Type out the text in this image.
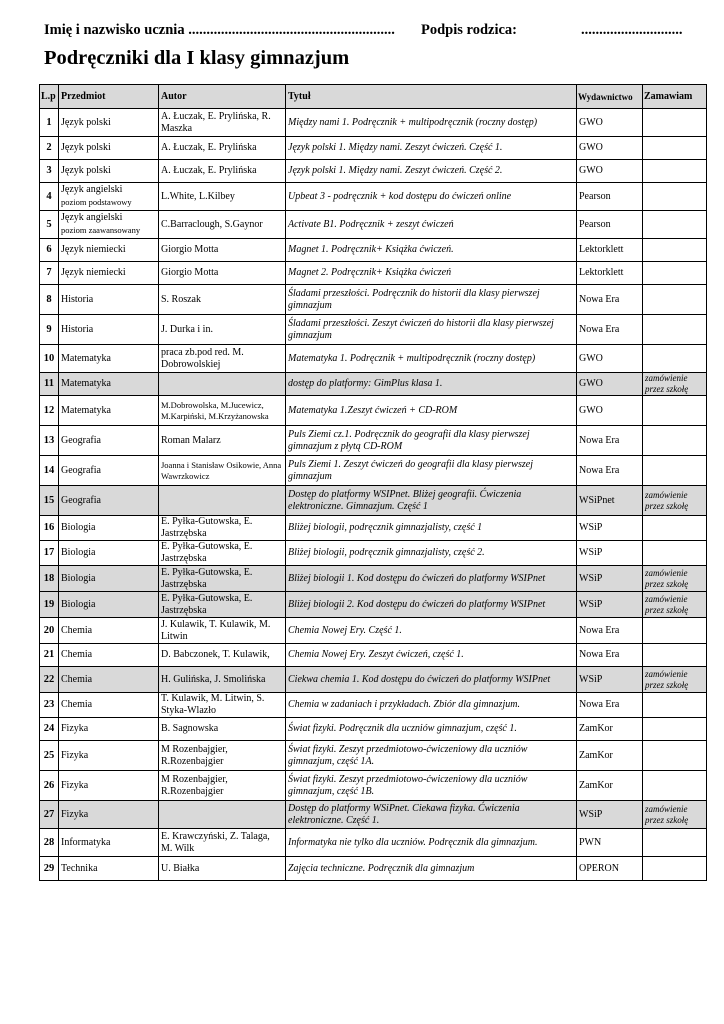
Imię i nazwisko ucznia ......................................................... Podpis rodzica:	............................
Podręczniki dla I klasy gimnazjum
L.p	Przedmiot	Autor	Tytuł	Wydawnictwo	Zamawiam
1	Język polski	A. Łuczak, E. Prylińska, R. Maszka	Między nami 1. Podręcznik + multipodręcznik (roczny dostęp)	GWO	
2	Język polski	A. Łuczak, E. Prylińska	Język polski 1. Między nami. Zeszyt ćwiczeń. Część 1.	GWO	
3	Język polski	A. Łuczak, E. Prylińska	Język polski 1. Między nami. Zeszyt ćwiczeń. Część 2.	GWO	
4	Język angielski
poziom podstawowy	L.White, L.Kilbey	Upbeat 3 - podręcznik + kod dostępu do ćwiczeń online	Pearson	
5	Język angielski
poziom zaawansowany	C.Barraclough, S.Gaynor	Activate B1. Podręcznik + zeszyt ćwiczeń	Pearson	
6	Język niemiecki	Giorgio Motta	Magnet 1. Podręcznik+ Książka ćwiczeń.	Lektorklett	
7	Język niemiecki	Giorgio Motta	Magnet 2. Podręcznik+ Książka ćwiczeń	Lektorklett	
8	Historia	S. Roszak	Śladami przeszłości. Podręcznik do historii dla klasy pierwszej gimnazjum	Nowa Era	
9	Historia	J. Durka i in.	Śladami przeszłości. Zeszyt ćwiczeń do historii dla klasy pierwszej gimnazjum	Nowa Era	
10	Matematyka	praca zb.pod red. M. Dobrowolskiej	Matematyka 1. Podręcznik + multipodręcznik (roczny dostęp)	GWO	
11	Matematyka		dostęp do platformy: GimPlus klasa 1.	GWO	zamówienie przez szkołę
12	Matematyka	M.Dobrowolska, M.Jucewicz, M.Karpiński, M.Krzyżanowska	Matematyka 1.Zeszyt ćwiczeń + CD-ROM	GWO	
13	Geografia	Roman Malarz	Puls Ziemi cz.1. Podręcznik do geografii dla klasy pierwszej gimnazjum z płytą CD-ROM	Nowa Era	
14	Geografia	Joanna i Stanisław Osikowie, Anna Wawrzkowicz	Puls Ziemi 1. Zeszyt ćwiczeń do geografii dla klasy pierwszej gimnazjum	Nowa Era	
15	Geografia		Dostęp do platformy WSIPnet. Bliżej geografii. Ćwiczenia elektroniczne. Gimnazjum. Część 1	WSiPnet	zamówienie przez szkołę
16	Biologia	E. Pyłka-Gutowska, E. Jastrzębska	Bliżej biologii, podręcznik gimnazjalisty, część 1	WSiP	
17	Biologia	E. Pyłka-Gutowska, E. Jastrzębska	Bliżej biologii, podręcznik gimnazjalisty, część 2.	WSiP	
18	Biologia	E. Pyłka-Gutowska, E. Jastrzębska	Bliżej biologii 1. Kod dostępu do ćwiczeń do platformy WSIPnet	WSiP	zamówienie przez szkołę
19	Biologia	E. Pyłka-Gutowska, E. Jastrzębska	Bliżej biologii 2. Kod dostępu do ćwiczeń do platformy WSIPnet	WSiP	zamówienie przez szkołę
20	Chemia	J. Kulawik, T. Kulawik, M. Litwin	Chemia Nowej Ery. Część 1.	Nowa Era	
21	Chemia	D. Babczonek, T. Kulawik,	Chemia Nowej Ery. Zeszyt ćwiczeń, część 1.	Nowa Era	
22	Chemia	H. Gulińska, J. Smolińska	Ciekwa chemia 1. Kod dostępu do ćwiczeń do platformy WSIPnet	WSiP	zamówienie przez szkołę
23	Chemia	T. Kulawik, M. Litwin, S. Styka-Wlazło	Chemia w zadaniach i przykładach. Zbiór dla gimnazjum.	Nowa Era	
24	Fizyka	B. Sagnowska	Świat fizyki. Podręcznik dla uczniów gimnazjum, część 1.	ZamKor	
25	Fizyka	M Rozenbajgier, R.Rozenbajgier	Świat fizyki. Zeszyt przedmiotowo-ćwiczeniowy dla uczniów gimnazjum, część 1A.	ZamKor	
26	Fizyka	M Rozenbajgier, R.Rozenbajgier	Świat fizyki. Zeszyt przedmiotowo-ćwiczeniowy dla uczniów gimnazjum, część 1B.	ZamKor	
27	Fizyka		Dostęp do platformy WSiPnet. Ciekawa fizyka. Ćwiczenia elektroniczne. Część 1.	WSiP	zamówienie przez szkołę
28	Informatyka	E. Krawczyński, Z. Talaga, M. Wilk	Informatyka nie tylko dla uczniów. Podręcznik dla gimnazjum.	PWN	
29	Technika	U. Białka	Zajęcia techniczne. Podręcznik dla gimnazjum	OPERON	
